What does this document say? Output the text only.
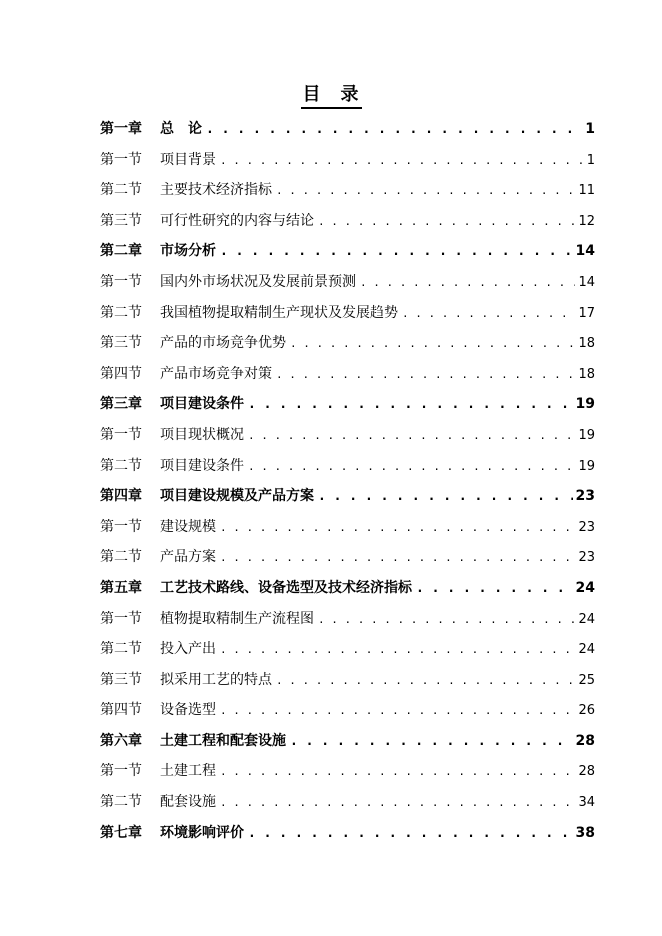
目　录
第一章	总　论 . . .	1
第一节	项目背景 . . .	1
第二节	主要技术经济指标 . . .	11
第三节	可行性研究的内容与结论 . . .	12
第二章	市场分析 . . .	14
第一节	国内外市场状况及发展前景预测 . . .	14
第二节	我国植物提取精制生产现状及发展趋势 . . .	17
第三节	产品的市场竞争优势 . . .	18
第四节	产品市场竞争对策 . . .	18
第三章	项目建设条件 . . .	19
第一节	项目现状概况 . . .	19
第二节	项目建设条件 . . .	19
第四章	项目建设规模及产品方案 . . .	23
第一节	建设规模 . . .	23
第二节	产品方案 . . .	23
第五章	工艺技术路线、设备选型及技术经济指标 . . .	24
第一节	植物提取精制生产流程图 . . .	24
第二节	投入产出 . . .	24
第三节	拟采用工艺的特点 . . .	25
第四节	设备选型 . . .	26
第六章	土建工程和配套设施 . . .	28
第一节	土建工程 . . .	28
第二节	配套设施 . . .	34
第七章	环境影响评价 . . .	38
